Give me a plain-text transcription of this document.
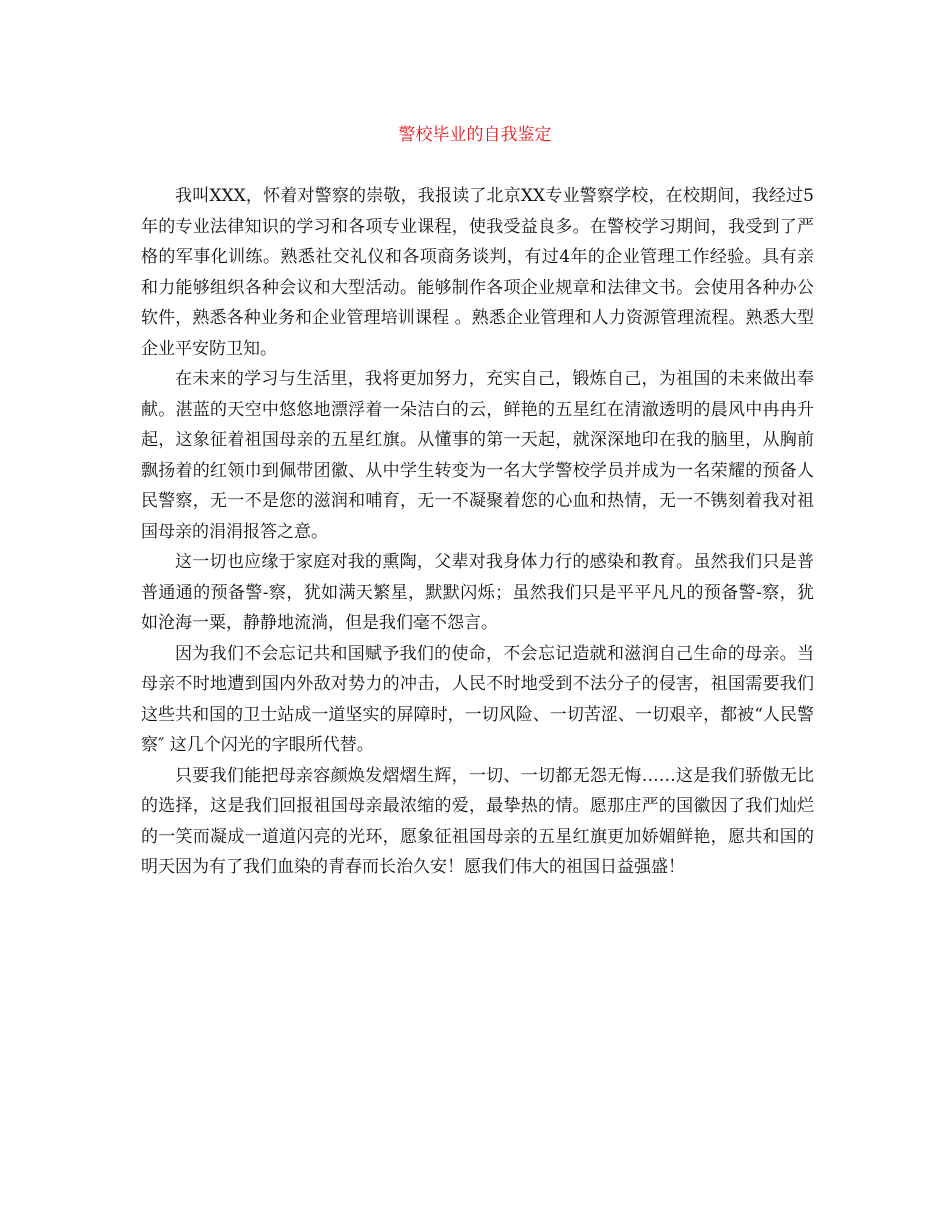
警校毕业的自我鉴定

我叫XXX，怀着对警察的崇敬，我报读了北京XX专业警察学校，在校期间，我经过5年的专业法律知识的学习和各项专业课程，使我受益良多。在警校学习期间，我受到了严格的军事化训练。熟悉社交礼仪和各项商务谈判，有过4年的企业管理工作经验。具有亲和力能够组织各种会议和大型活动。能够制作各项企业规章和法律文书。会使用各种办公软件，熟悉各种业务和企业管理培训课程 。熟悉企业管理和人力资源管理流程。熟悉大型企业平安防卫知。

在未来的学习与生活里，我将更加努力，充实自己，锻炼自己，为祖国的未来做出奉献。湛蓝的天空中悠悠地漂浮着一朵洁白的云，鲜艳的五星红在清澈透明的晨风中冉冉升起，这象征着祖国母亲的五星红旗。从懂事的第一天起，就深深地印在我的脑里，从胸前飘扬着的红领巾到佩带团徽、从中学生转变为一名大学警校学员并成为一名荣耀的预备人民警察，无一不是您的滋润和哺育，无一不凝聚着您的心血和热情，无一不镌刻着我对祖国母亲的涓涓报答之意。

这一切也应缘于家庭对我的熏陶，父辈对我身体力行的感染和教育。虽然我们只是普普通通的预备警-察，犹如满天繁星，默默闪烁；虽然我们只是平平凡凡的预备警-察，犹如沧海一粟，静静地流淌，但是我们毫不怨言。

因为我们不会忘记共和国赋予我们的使命，不会忘记造就和滋润自己生命的母亲。当母亲不时地遭到国内外敌对势力的冲击，人民不时地受到不法分子的侵害，祖国需要我们这些共和国的卫士站成一道坚实的屏障时，一切风险、一切苦涩、一切艰辛，都被“人民警察″ 这几个闪光的字眼所代替。

只要我们能把母亲容颜焕发熠熠生辉，一切、一切都无怨无悔……这是我们骄傲无比的选择，这是我们回报祖国母亲最浓缩的爱，最挚热的情。愿那庄严的国徽因了我们灿烂的一笑而凝成一道道闪亮的光环，愿象征祖国母亲的五星红旗更加娇媚鲜艳，愿共和国的明天因为有了我们血染的青春而长治久安！愿我们伟大的祖国日益强盛！
